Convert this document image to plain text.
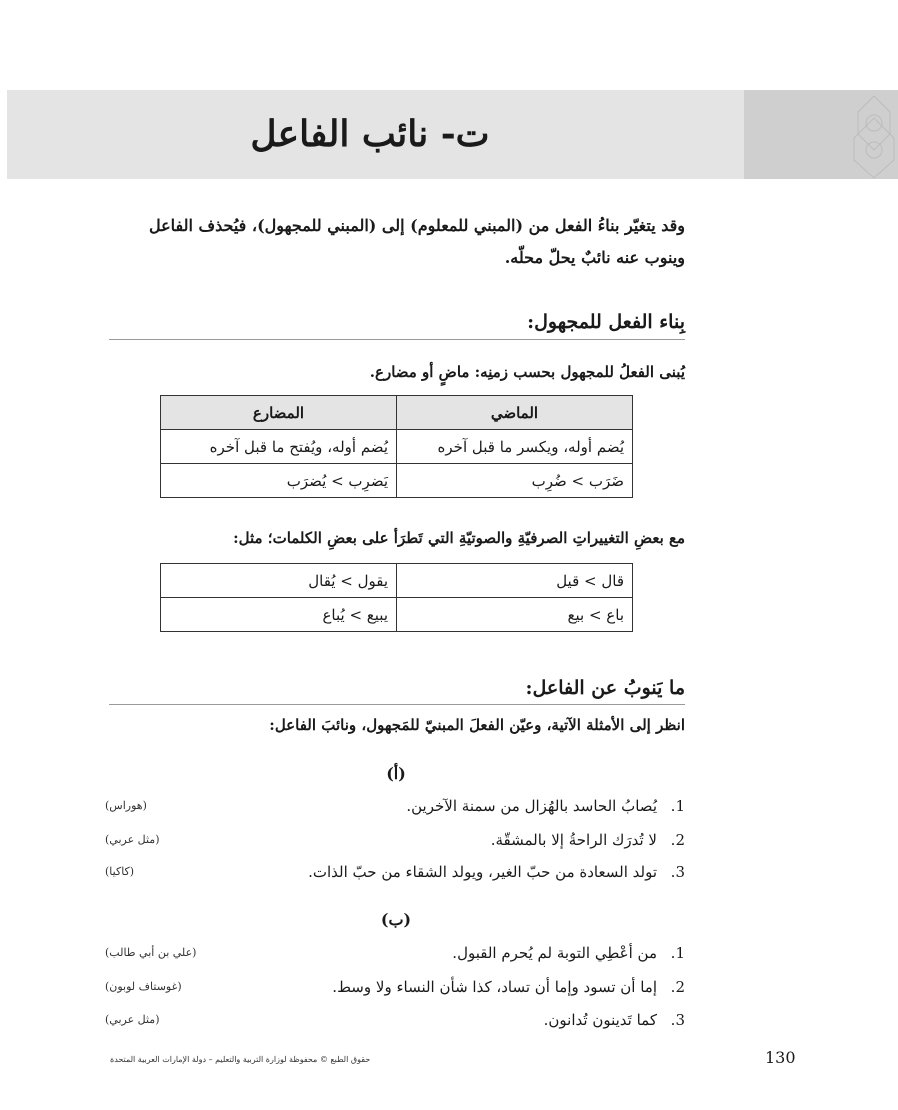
ت- نائب الفاعل

وقد يتغيّر بناءُ الفعل من (المبني للمعلوم) إلى (المبني للمجهول)، فيُحذف الفاعل وينوب عنه نائبٌ يحلّ محلّه.

بِناء الفعل للمجهول:

يُبنى الفعلُ للمجهول بحسب زمنِه: ماضٍ أو مضارع.

الماضي	المضارع
يُضم أوله، ويكسر ما قبل آخره	يُضم أوله، ويُفتح ما قبل آخره
ضَرَب > ضُرِب	يَضرِب > يُضرَب

مع بعضِ التغييراتِ الصرفيّةِ والصوتيّةِ التي تَطرَأ على بعضِ الكلمات؛ مثل:

قال > قيل	يقول > يُقال
باع > بيع	يبيع > يُباع
ما يَنوبُ عن الفاعل:

انظر إلى الأمثلة الآتية، وعيّن الفعلَ المبنيّ للمَجهول، ونائبَ الفاعل:

(أ)
1.
يُصابُ الحاسد بالهُزال من سمنة الآخرين.
(هوراس)
2.
لا تُدرَك الراحةُ إلا بالمشقّة.
(مثل عربي)
3.
تولد السعادة من حبّ الغير، ويولد الشقاء من حبّ الذات.
(كاكيا)
(ب)
1.
من أعْطِي التوبة لم يُحرم القبول.
(علي بن أبي طالب)
2.
إما أن تسود وإما أن تساد، كذا شأن النساء ولا وسط.
(غوستاف لوبون)
3.
كما تَدينون تُدانون.
(مثل عربي)
حقوق الطبع © محفوظة لوزارة التربية والتعليم – دولة الإمارات العربية المتحدة	130
